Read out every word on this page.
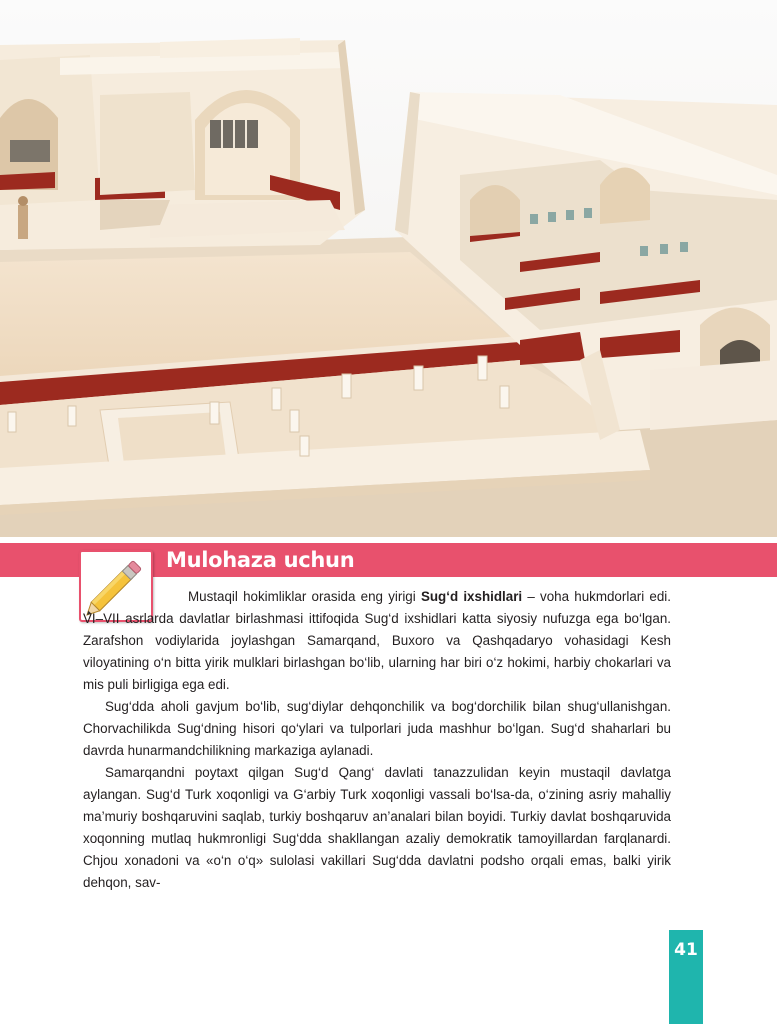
Mulohaza uchun

Mustaqil hokimliklar orasida eng yirigi Sug‘d ixshidlari – voha hukmdorlari edi. VI–VII asrlarda davlatlar birlashmasi ittifoqida Sug‘d ixshidlari katta siyosiy nufuzga ega bo‘lgan. Zarafshon vodiylarida joylashgan Samarqand, Buxoro va Qashqadaryo vohasidagi Kesh viloyatining o‘n bitta yirik mulklari birlashgan bo‘lib, ularning har biri o‘z hokimi, harbiy chokarlari va mis puli birligiga ega edi.

Sug‘dda aholi gavjum bo‘lib, sug‘diylar dehqonchilik va bog‘dorchilik bilan shug‘ullanishgan. Chorvachilikda Sug‘dning hisori qo‘ylari va tulporlari juda mashhur bo‘lgan. Sug‘d shaharlari bu davrda hunarmandchilikning markaziga aylanadi.

Samarqandni poytaxt qilgan Sug‘d Qang‘ davlati tanazzulidan keyin mustaqil davlatga aylangan. Sug‘d Turk xoqonligi va G‘arbiy Turk xoqonligi vassali bo‘lsa-da, o‘zining asriy mahalliy ma’muriy boshqaruvini saqlab, turkiy boshqaruv an’analari bilan boyidi. Turkiy davlat boshqaruvida xoqonning mutlaq hukmronligi Sug‘dda shakllangan azaliy demokratik tamoyillardan farqlanardi. Chjou xonadoni va «o‘n o‘q» sulolasi vakillari Sug‘dda davlatni podsho orqali emas, balki yirik dehqon, sav-

41
